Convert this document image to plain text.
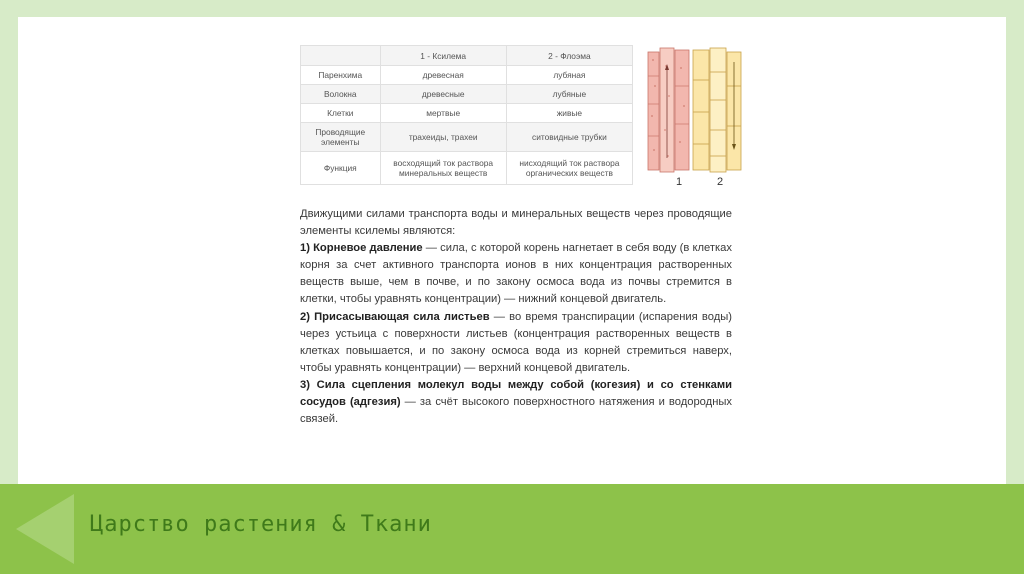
	1 - Ксилема	2 - Флоэма
Паренхима	древесная	лубяная
Волокна	древесные	лубяные
Клетки	мертвые	живые
Проводящие элементы	трахеиды, трахеи	ситовидные трубки
Функция	восходящий ток раствора минеральных веществ	нисходящий ток раствора органических веществ
1	2

Движущими силами транспорта воды и минеральных веществ через проводящие элементы ксилемы являются:

1) Корневое давление — сила, с которой корень нагнетает в себя воду (в клетках корня за счет активного транспорта ионов в них концентрация растворенных веществ выше, чем в почве, и по закону осмоса вода из почвы стремится в клетки, чтобы уравнять концентрации) — нижний концевой двигатель.

2) Присасывающая сила листьев — во время транспирации (испарения воды) через устьица с поверхности листьев (концентрация растворенных веществ в клетках повышается, и по закону осмоса вода из корней стремиться наверх, чтобы уравнять концентрации) — верхний концевой двигатель.

3) Сила сцепления молекул воды между собой (когезия) и со стенками сосудов (адгезия) — за счёт высокого поверхностного натяжения и водородных связей.

Царство растения & Ткани
